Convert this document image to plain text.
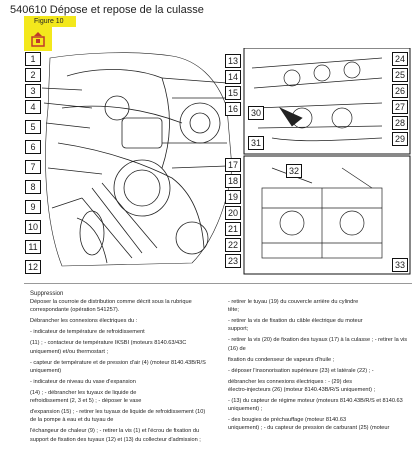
540610 Dépose et repose de la culasse
Figure 10
1
2
3
4
5
6
7
8
9
10
11
12
13
14
15
16
17
18
19
20
21
22
23
24
25
26
27
28
29
30
31
32
33
Suppression

Déposer la courroie de distribution comme décrit sous la rubrique
correspondante (opération 541257).

Débrancher les connexions électriques du :

- indicateur de température de refroidissement

(11) ; - contacteur de température IKSBI (moteurs 8140.63/43C
uniquement) et/ou thermostart ;

- capteur de température et de pression d'air (4) (moteur 8140.43B/R/S
uniquement)

- indicateur de niveau du vase d'expansion

(14) ; - débrancher les tuyaux de liquide de
refroidissement (2, 3 et 5) ; - déposer le vase

d'expansion (15) ; - retirer les tuyaux de liquide de refroidissement (10)
de la pompe à eau et du tuyau de

l'échangeur de chaleur (9) ; - retirer la vis (1) et l'écrou de fixation du
support de fixation des tuyaux (12) et (13) du collecteur d'admission ;

- retirer le tuyau (19) du couvercle arrière du cylindre
tête;

- retirer la vis de fixation du câble électrique du moteur
support;

- retirer la vis (20) de fixation des tuyaux (17) à la culasse ; - retirer la vis (16) de

fixation du condenseur de vapeurs d'huile ;

- déposer l'insonorisation supérieure (23) et latérale (22) ; -

débrancher les connexions électriques : - (29) des
électro-injecteurs (26) (moteur 8140.43B/R/S uniquement) ;

- (13) du capteur de régime moteur (moteurs 8140.43B/R/S et 8140.63
uniquement) ;

- des bougies de préchauffage (moteur 8140.63
uniquement) ; - du capteur de pression de carburant (25) (moteur
